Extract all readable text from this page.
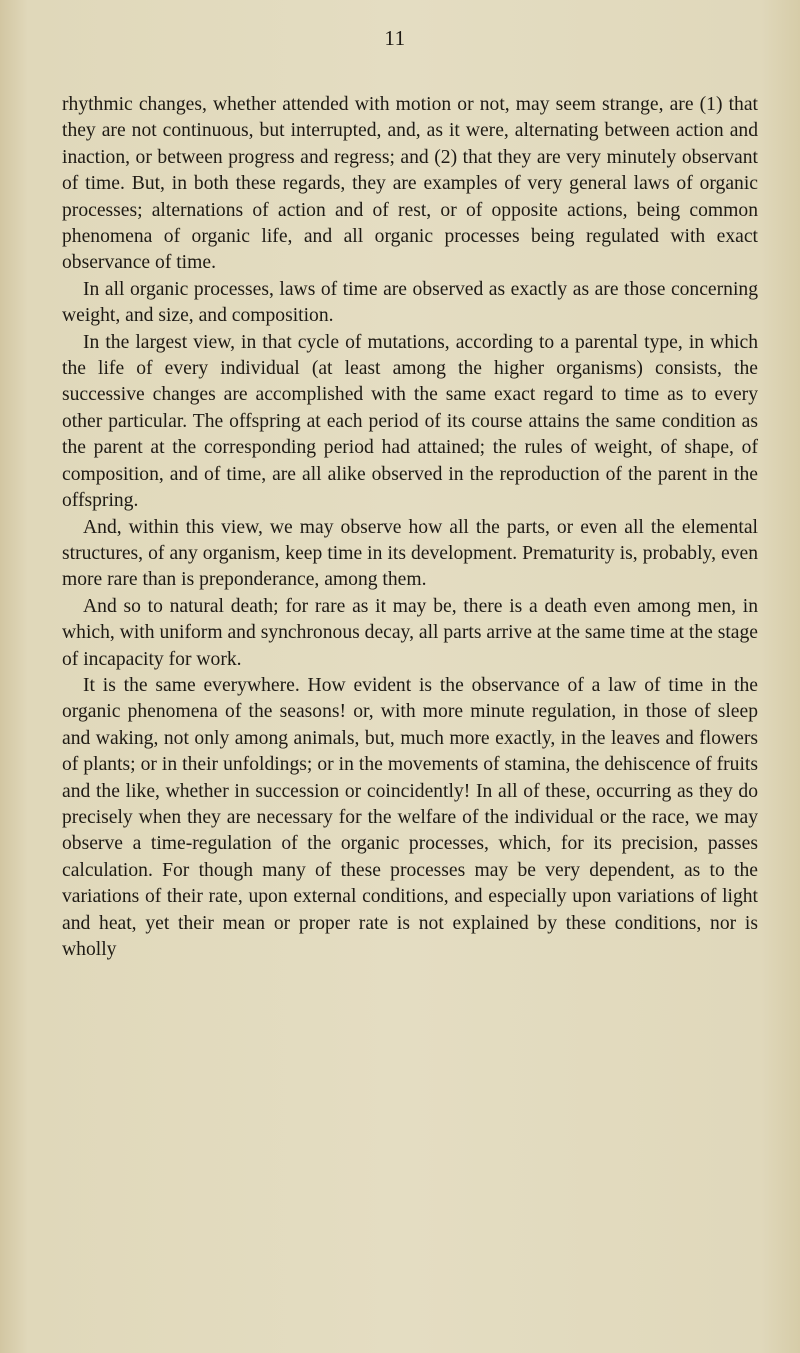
11

rhythmic changes, whether attended with motion or not, may seem strange, are (1) that they are not continuous, but interrupted, and, as it were, alternating between action and inaction, or between progress and regress; and (2) that they are very minutely observant of time. But, in both these regards, they are examples of very general laws of organic processes; alternations of action and of rest, or of opposite actions, being common phenomena of organic life, and all organic processes being regulated with exact observance of time.

In all organic processes, laws of time are observed as exactly as are those concerning weight, and size, and composition.

In the largest view, in that cycle of mutations, according to a parental type, in which the life of every individual (at least among the higher organisms) consists, the successive changes are accomplished with the same exact regard to time as to every other particular. The offspring at each period of its course attains the same condition as the parent at the corresponding period had attained; the rules of weight, of shape, of composition, and of time, are all alike observed in the reproduction of the parent in the offspring.

And, within this view, we may observe how all the parts, or even all the elemental structures, of any organism, keep time in its development. Prematurity is, probably, even more rare than is preponderance, among them.

And so to natural death; for rare as it may be, there is a death even among men, in which, with uniform and synchronous decay, all parts arrive at the same time at the stage of incapacity for work.

It is the same everywhere. How evident is the observance of a law of time in the organic phenomena of the seasons! or, with more minute regulation, in those of sleep and waking, not only among animals, but, much more exactly, in the leaves and flowers of plants; or in their unfoldings; or in the movements of stamina, the dehiscence of fruits and the like, whether in succession or coincidently! In all of these, occurring as they do precisely when they are necessary for the welfare of the individual or the race, we may observe a time-regulation of the organic processes, which, for its precision, passes calculation. For though many of these processes may be very dependent, as to the variations of their rate, upon external conditions, and especially upon variations of light and heat, yet their mean or proper rate is not explained by these conditions, nor is wholly
